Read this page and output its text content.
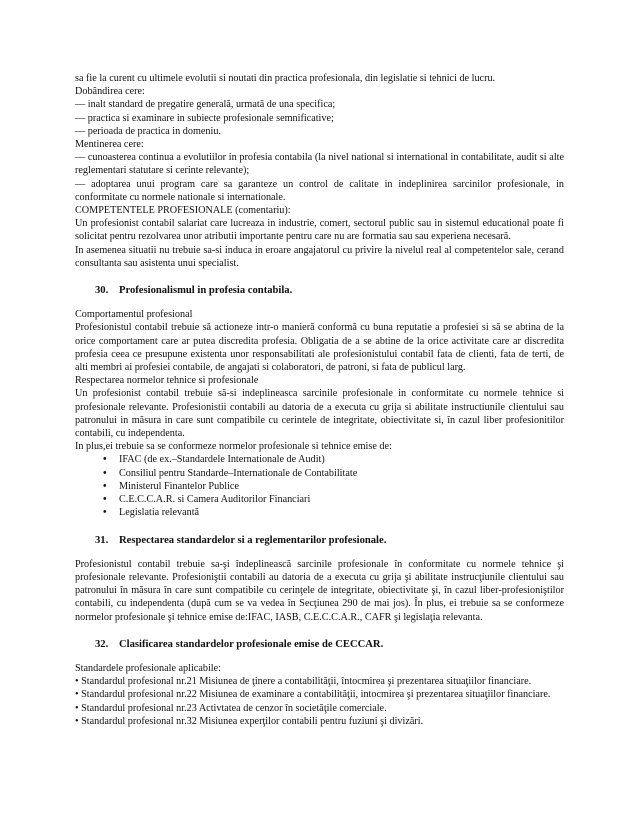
sa fie la curent cu ultimele evolutii si noutati din practica profesionala, din legislatie si tehnici de lucru.

Dobândirea cere:

— inalt standard de pregatire generală, urmată de una specifica;

— practica si examinare in subiecte profesionale semnificative;

— perioada de practica in domeniu.

Mentinerea cere:

— cunoasterea continua a evolutiilor in profesia contabila (la nivel national si international in contabilitate, audit si alte reglementari statutare si cerinte relevante);

— adoptarea unui program care sa garanteze un control de calitate in indeplinirea sarcinilor profesionale, in conformitate cu normele nationale si internationale.

COMPETENTELE PROFESIONALE (comentariu):

Un profesionist contabil salariat care lucreaza in industrie, comert, sectorul public sau in sistemul educational poate fi solicitat pentru rezolvarea unor atributii importante pentru care nu are formatia sau sau experiena necesară.

In asemenea situatii nu trebuie sa-si induca in eroare angajatorul cu privire la nivelul real al competentelor sale, cerand consultanta sau asistenta unui specialist.

30. Profesionalismul in profesia contabila.

Comportamentul profesional

Profesionistul contabil trebuie să actioneze intr-o manieră conformă cu buna reputatie a profesiei si să se abtina de la orice comportament care ar putea discredita profesia. Obligatia de a se abtine de la orice activitate care ar discredita profesia ceea ce presupune existenta unor responsabilitati ale profesionistului contabil fata de clienti, fata de terti, de alti membri ai profesiei contabile, de angajati si colaboratori, de patroni, si fata de publicul larg.

Respectarea normelor tehnice si profesionale

Un profesionist contabil trebuie să-si indeplineasca sarcinile profesionale in conformitate cu normele tehnice si profesionale relevante. Profesionistii contabili au datoria de a executa cu grija si abilitate instructiunile clientului sau patronului in măsura in care sunt compatibile cu cerintele de integritate, obiectivitate si, în cazul liber profesionitilor contabili, cu independenta.

In plus,ei trebuie sa se conformeze normelor profesionale si tehnice emise de:

• IFAC (de ex.–Standardele Internationale de Audit)
• Consiliul pentru Standarde–Internationale de Contabilitate
• Ministerul Finantelor Publice
• C.E.C.C.A.R. si Camera Auditorilor Financiari
• Legislatia relevantă
31. Respectarea standardelor si a reglementarilor profesionale.

Profesionistul contabil trebuie sa-şi îndeplinească sarcinile profesionale în conformitate cu normele tehnice şi profesionale relevante. Profesioniştii contabili au datoria de a executa cu grija şi abilitate instrucţiunile clientului sau patronului în măsura în care sunt compatibile cu cerinţele de integritate, obiectivitate şi, în cazul liber-profesioniştilor contabili, cu independenta (după cum se va vedea în Secţiunea 290 de mai jos). În plus, ei trebuie sa se conformeze normelor profesionale şi tehnice emise de:IFAC, IASB, C.E.C.C.A.R., CAFR şi legislaţia relevanta.

32. Clasificarea standardelor profesionale emise de CECCAR.

Standardele profesionale aplicabile:

• Standardul profesional nr.21 Misiunea de ţinere a contabilităţii, întocmirea şi prezentarea situaţiilor financiare.

• Standardul profesional nr.22 Misiunea de examinare a contabilităţii, intocmirea şi prezentarea situaţiilor financiare.

• Standardul profesional nr.23 Activtatea de cenzor în societăţile comerciale.

• Standardul profesional nr.32 Misiunea experţilor contabili pentru fuziuni şi divizări.
